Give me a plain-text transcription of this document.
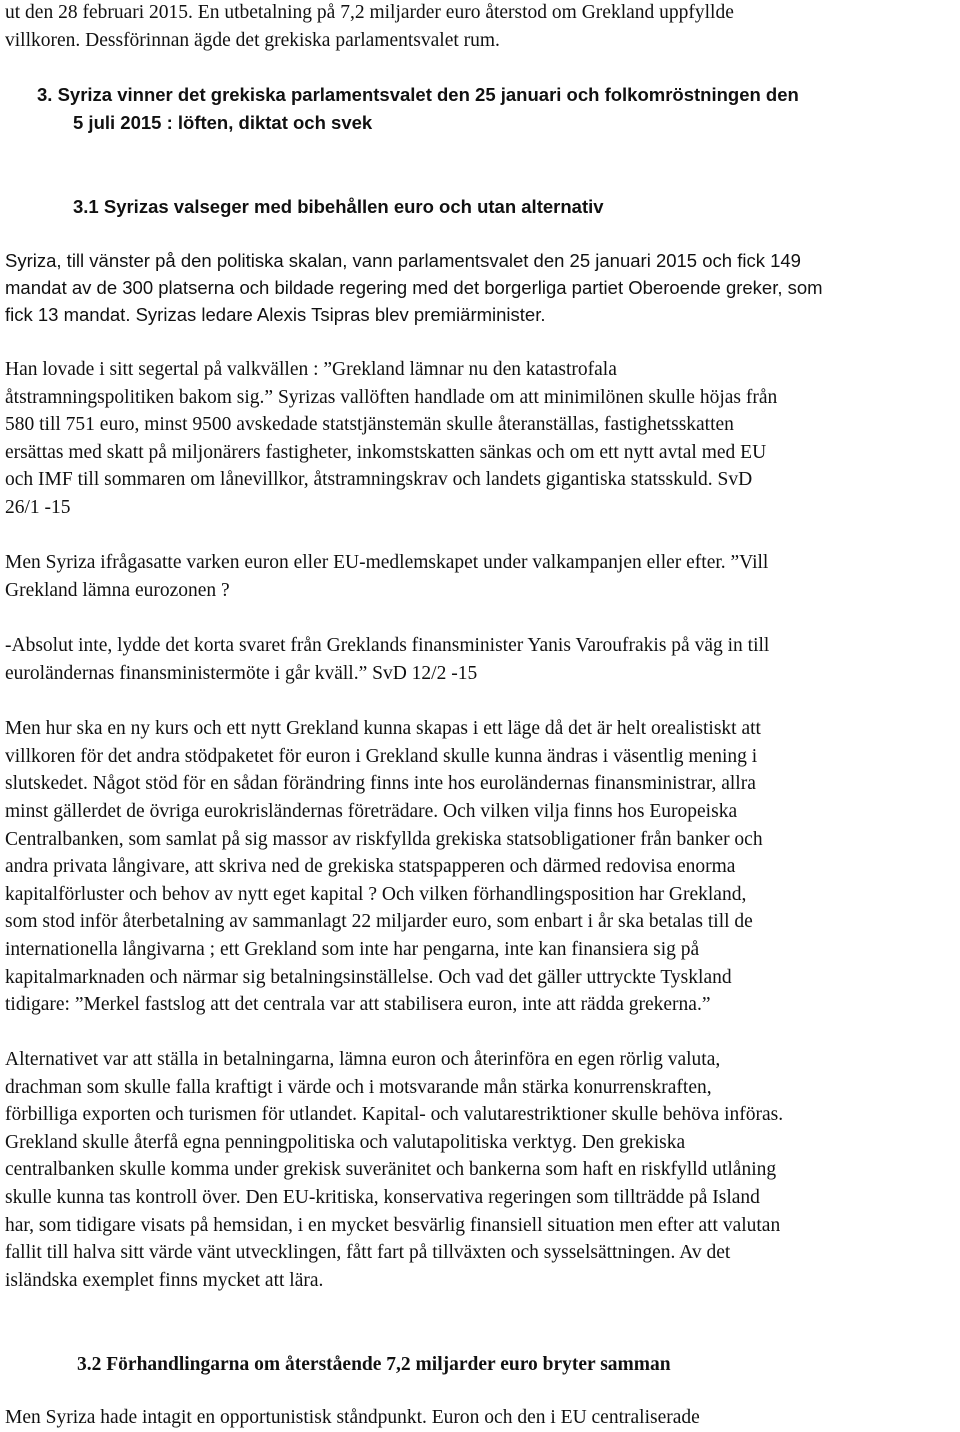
ut den 28 februari 2015. En utbetalning på 7,2 miljarder euro återstod om Grekland uppfyllde
villkoren. Dessförinnan ägde det grekiska parlamentsvalet rum.
3. Syriza vinner det grekiska parlamentsvalet den 25 januari och folkomröstningen den
5 juli 2015 : löften, diktat och svek
3.1 Syrizas valseger med bibehållen euro och utan alternativ
Syriza, till vänster på den politiska skalan, vann parlamentsvalet den 25 januari 2015 och fick 149
mandat av de 300 platserna och bildade regering med det borgerliga partiet Oberoende greker, som
fick 13 mandat. Syrizas ledare Alexis Tsipras blev premiärminister.
Han lovade i sitt segertal på valkvällen : ”Grekland lämnar nu den katastrofala
åtstramningspolitiken bakom sig.” Syrizas vallöften handlade om att minimilönen skulle höjas från
580 till 751 euro, minst 9500 avskedade statstjänstemän skulle återanställas, fastighetsskatten
ersättas med skatt på miljonärers fastigheter, inkomstskatten sänkas och om ett nytt avtal med EU
och IMF till sommaren om lånevillkor, åtstramningskrav och landets gigantiska statsskuld. SvD
26/1 -15
Men Syriza ifrågasatte varken euron eller EU-medlemskapet under valkampanjen eller efter. ”Vill
Grekland lämna eurozonen ?
-Absolut inte, lydde det korta svaret från Greklands finansminister Yanis Varoufrakis på väg in till
euroländernas finansministermöte i går kväll.” SvD 12/2 -15
Men hur ska en ny kurs och ett nytt Grekland kunna skapas i ett läge då det är helt orealistiskt att
villkoren för det andra stödpaketet för euron i Grekland skulle kunna ändras i väsentlig mening i
slutskedet. Något stöd för en sådan förändring finns inte hos euroländernas finansministrar, allra
minst gällerdet de övriga eurokrisländernas företrädare. Och vilken vilja finns hos Europeiska
Centralbanken, som samlat på sig massor av riskfyllda grekiska statsobligationer från banker och
andra privata långivare, att skriva ned de grekiska statspapperen och därmed redovisa enorma
kapitalförluster och behov av nytt eget kapital ? Och vilken förhandlingsposition har Grekland,
som stod inför återbetalning av sammanlagt 22 miljarder euro, som enbart i år ska betalas till de
internationella långivarna ; ett Grekland som inte har pengarna, inte kan finansiera sig på
kapitalmarknaden och närmar sig betalningsinställelse. Och vad det gäller uttryckte Tyskland
tidigare: ”Merkel fastslog att det centrala var att stabilisera euron, inte att rädda grekerna.”
Alternativet var att ställa in betalningarna, lämna euron och återinföra en egen rörlig valuta,
drachman som skulle falla kraftigt i värde och i motsvarande mån stärka konurrenskraften,
förbilliga exporten och turismen för utlandet. Kapital- och valutarestriktioner skulle behöva införas.
Grekland skulle återfå egna penningpolitiska och valutapolitiska verktyg. Den grekiska
centralbanken skulle komma under grekisk suveränitet och bankerna som haft en riskfylld utlåning
skulle kunna tas kontroll över. Den EU-kritiska, konservativa regeringen som tillträdde på Island
har, som tidigare visats på hemsidan, i en mycket besvärlig finansiell situation men efter att valutan
fallit till halva sitt värde vänt utvecklingen, fått fart på tillväxten och sysselsättningen. Av det
isländska exemplet finns mycket att lära.
3.2 Förhandlingarna om återstående 7,2 miljarder euro bryter samman
Men Syriza hade intagit en opportunistisk ståndpunkt. Euron och den i EU centraliserade
